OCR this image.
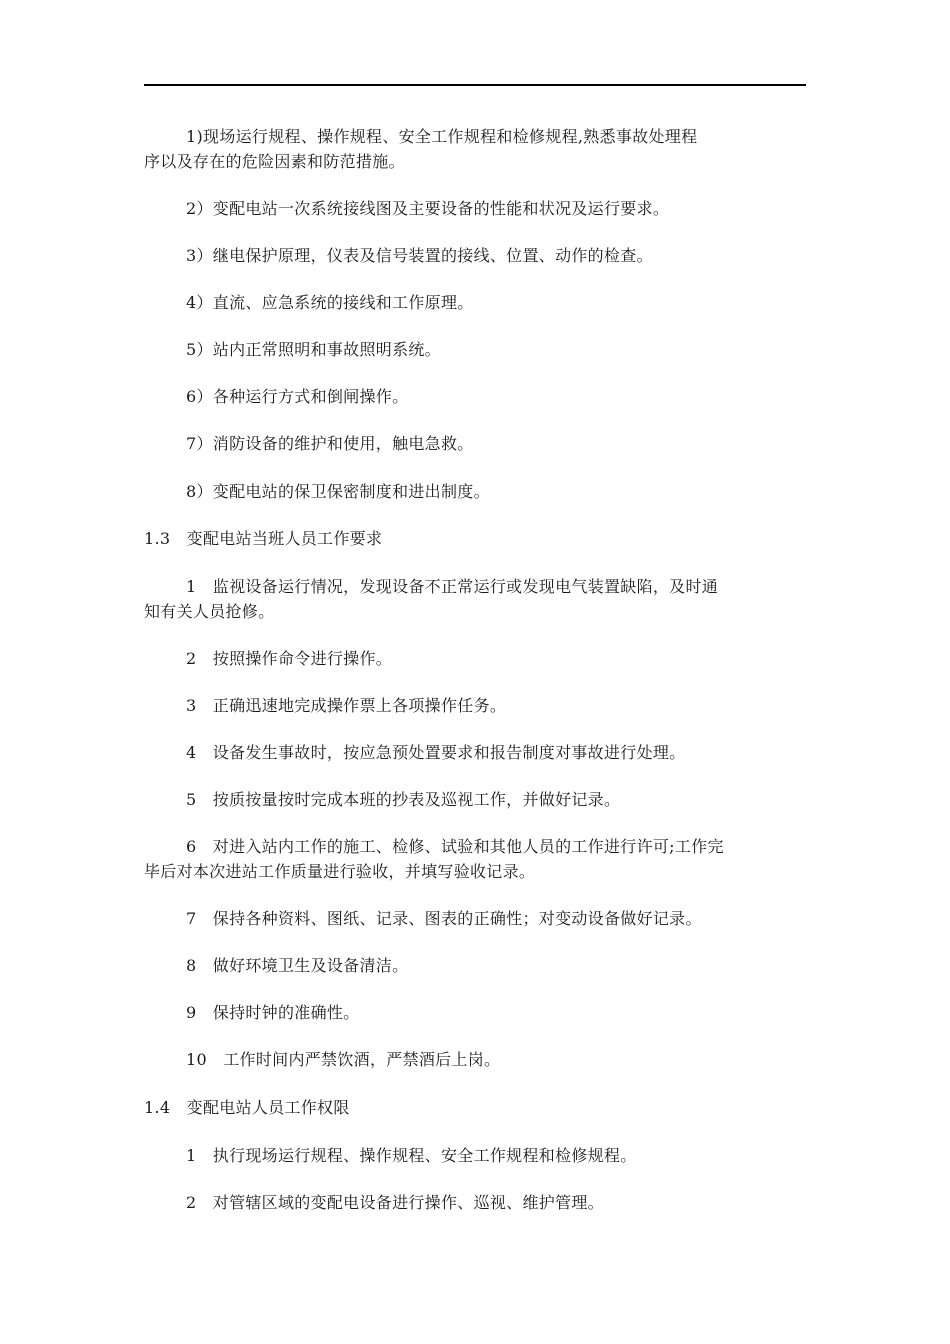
1)现场运行规程、操作规程、安全工作规程和检修规程,熟悉事故处理程
序以及存在的危险因素和防范措施。
2）变配电站一次系统接线图及主要设备的性能和状况及运行要求。
3）继电保护原理，仪表及信号装置的接线、位置、动作的检查。
4）直流、应急系统的接线和工作原理。
5）站内正常照明和事故照明系统。
6）各种运行方式和倒闸操作。
7）消防设备的维护和使用，触电急救。
8）变配电站的保卫保密制度和进出制度。
1.3　变配电站当班人员工作要求
1　监视设备运行情况，发现设备不正常运行或发现电气装置缺陷，及时通
知有关人员抢修。
2　按照操作命令进行操作。
3　正确迅速地完成操作票上各项操作任务。
4　设备发生事故时，按应急预处置要求和报告制度对事故进行处理。
5　按质按量按时完成本班的抄表及巡视工作，并做好记录。
6　对进入站内工作的施工、检修、试验和其他人员的工作进行许可;工作完
毕后对本次进站工作质量进行验收，并填写验收记录。
7　保持各种资料、图纸、记录、图表的正确性；对变动设备做好记录。
8　做好环境卫生及设备清洁。
9　保持时钟的准确性。
10　工作时间内严禁饮酒，严禁酒后上岗。
1.4　变配电站人员工作权限
1　执行现场运行规程、操作规程、安全工作规程和检修规程。
2　对管辖区域的变配电设备进行操作、巡视、维护管理。
